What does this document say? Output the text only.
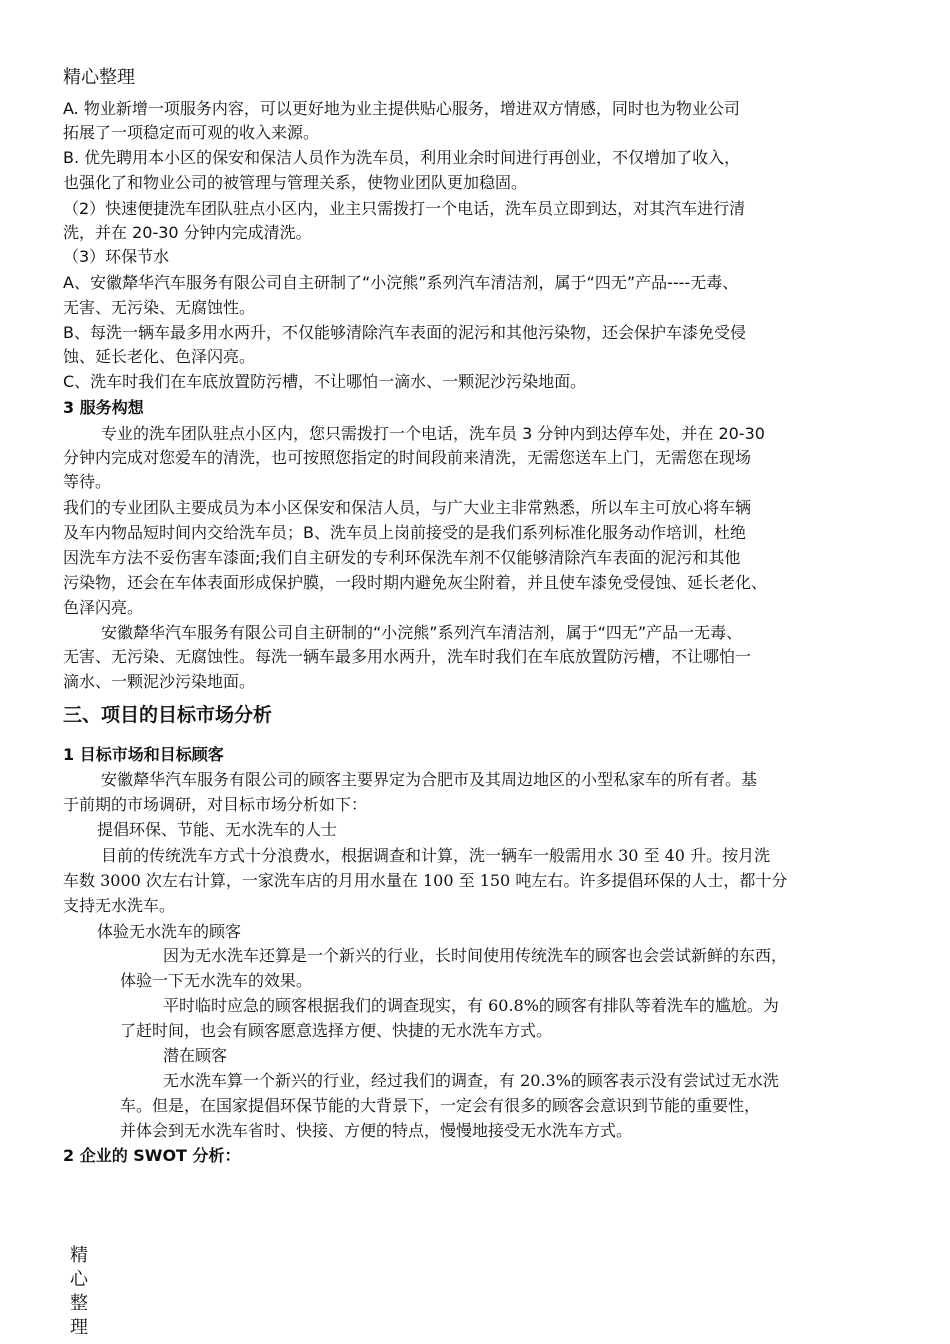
精心整理
A. 物业新增一项服务内容，可以更好地为业主提供贴心服务，增进双方情感，同时也为物业公司
拓展了一项稳定而可观的收入来源。
B. 优先聘用本小区的保安和保洁人员作为洗车员，利用业余时间进行再创业，不仅增加了收入，
也强化了和物业公司的被管理与管理关系，使物业团队更加稳固。
（2）快速便捷洗车团队驻点小区内，业主只需拨打一个电话，洗车员立即到达，对其汽车进行清
洗，并在 20-30 分钟内完成清洗。
（3）环保节水
A、安徽犛华汽车服务有限公司自主研制了“小浣熊”系列汽车清洁剂，属于“四无”产品----无毒、
无害、无污染、无腐蚀性。
B、每洗一辆车最多用水两升，不仅能够清除汽车表面的泥污和其他污染物，还会保护车漆免受侵
蚀、延长老化、色泽闪亮。
C、洗车时我们在车底放置防污槽，不让哪怕一滴水、一颗泥沙污染地面。
3 服务构想
专业的洗车团队驻点小区内，您只需拨打一个电话，洗车员 3 分钟内到达停车处，并在 20-30
分钟内完成对您爱车的清洗，也可按照您指定的时间段前来清洗，无需您送车上门，无需您在现场
等待。
我们的专业团队主要成员为本小区保安和保洁人员，与广大业主非常熟悉，所以车主可放心将车辆
及车内物品短时间内交给洗车员；B、洗车员上岗前接受的是我们系列标准化服务动作培训，杜绝
因洗车方法不妥伤害车漆面;我们自主研发的专利环保洗车剂不仅能够清除汽车表面的泥污和其他
污染物，还会在车体表面形成保护膜，一段时期内避免灰尘附着，并且使车漆免受侵蚀、延长老化、
色泽闪亮。
安徽犛华汽车服务有限公司自主研制的“小浣熊”系列汽车清洁剂，属于“四无”产品一无毒、
无害、无污染、无腐蚀性。每洗一辆车最多用水两升，洗车时我们在车底放置防污槽，不让哪怕一
滴水、一颗泥沙污染地面。
三、项目的目标市场分析
1 目标市场和目标顾客
安徽犛华汽车服务有限公司的顾客主要界定为合肥市及其周边地区的小型私家车的所有者。基
于前期的市场调研，对目标市场分析如下：
提倡环保、节能、无水洗车的人士
目前的传统洗车方式十分浪费水，根据调查和计算，洗一辆车一般需用水 30 至 40 升。按月洗
车数 3000 次左右计算，一家洗车店的月用水量在 100 至 150 吨左右。许多提倡环保的人士，都十分
支持无水洗车。
体验无水洗车的顾客
因为无水洗车还算是一个新兴的行业，长时间使用传统洗车的顾客也会尝试新鲜的东西，
体验一下无水洗车的效果。
平时临时应急的顾客根据我们的调查现实，有 60.8%的顾客有排队等着洗车的尴尬。为
了赶时间，也会有顾客愿意选择方便、快捷的无水洗车方式。
潜在顾客
无水洗车算一个新兴的行业，经过我们的调查，有 20.3%的顾客表示没有尝试过无水洗
车。但是，在国家提倡环保节能的大背景下，一定会有很多的顾客会意识到节能的重要性，
并体会到无水洗车省时、快接、方便的特点，慢慢地接受无水洗车方式。
2 企业的 SWOT 分析：
精心整理
